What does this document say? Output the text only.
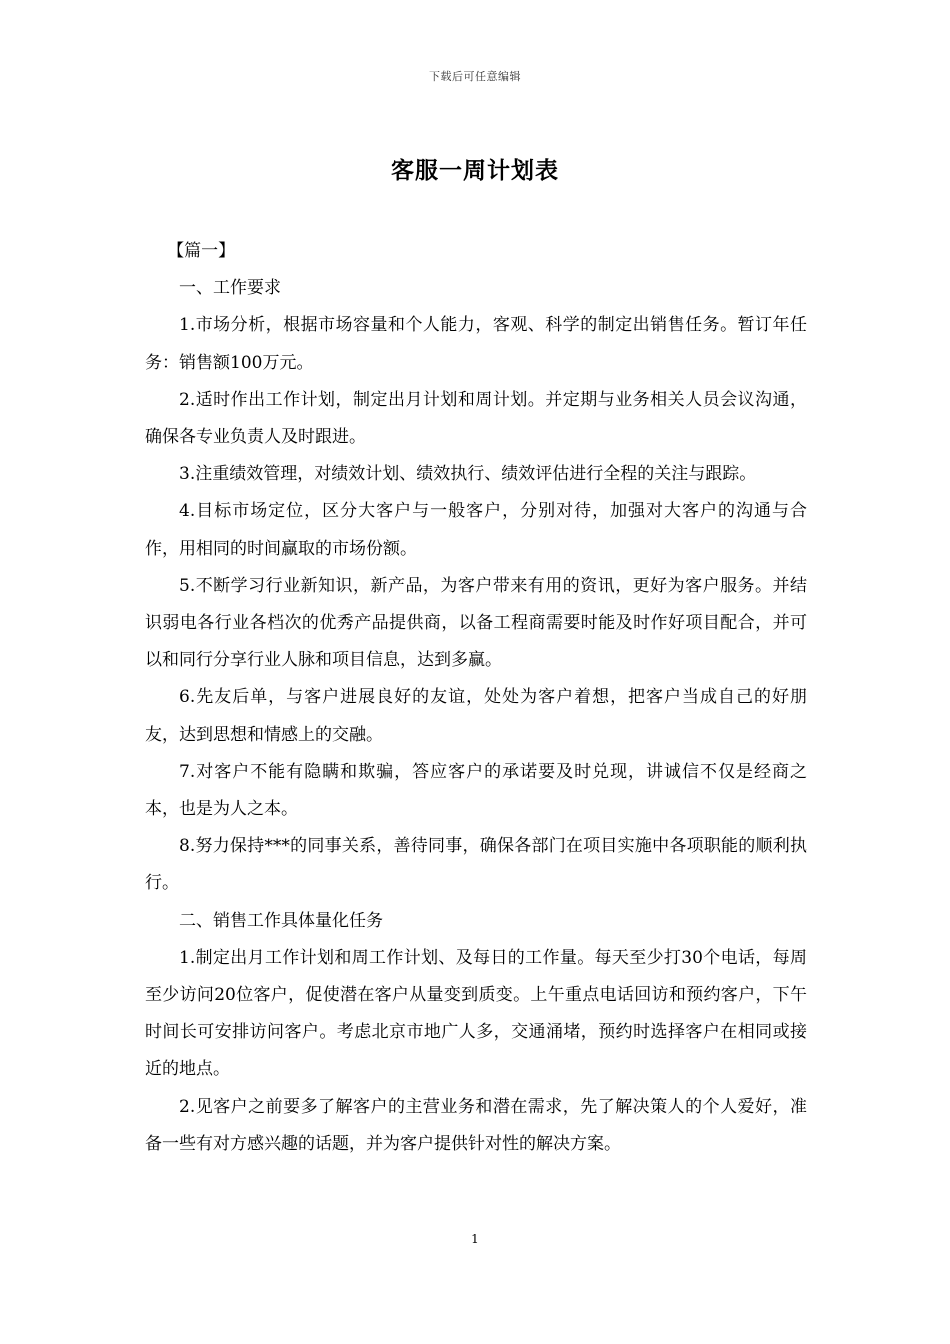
下载后可任意编辑
客服一周计划表

【篇一】

一、工作要求

1.市场分析，根据市场容量和个人能力，客观、科学的制定出销售任务。暂订年任务：销售额100万元。

2.适时作出工作计划，制定出月计划和周计划。并定期与业务相关人员会议沟通，确保各专业负责人及时跟进。

3.注重绩效管理，对绩效计划、绩效执行、绩效评估进行全程的关注与跟踪。

4.目标市场定位，区分大客户与一般客户，分别对待，加强对大客户的沟通与合作，用相同的时间赢取的市场份额。

5.不断学习行业新知识，新产品，为客户带来有用的资讯，更好为客户服务。并结识弱电各行业各档次的优秀产品提供商，以备工程商需要时能及时作好项目配合，并可以和同行分享行业人脉和项目信息，达到多赢。

6.先友后单，与客户进展良好的友谊，处处为客户着想，把客户当成自己的好朋友，达到思想和情感上的交融。

7.对客户不能有隐瞒和欺骗，答应客户的承诺要及时兑现，讲诚信不仅是经商之本，也是为人之本。

8.努力保持***的同事关系，善待同事，确保各部门在项目实施中各项职能的顺利执行。

二、销售工作具体量化任务

1.制定出月工作计划和周工作计划、及每日的工作量。每天至少打30个电话，每周至少访问20位客户，促使潜在客户从量变到质变。上午重点电话回访和预约客户，下午时间长可安排访问客户。考虑北京市地广人多，交通涌堵，预约时选择客户在相同或接近的地点。

2.见客户之前要多了解客户的主营业务和潜在需求，先了解决策人的个人爱好，准备一些有对方感兴趣的话题，并为客户提供针对性的解决方案。

1
